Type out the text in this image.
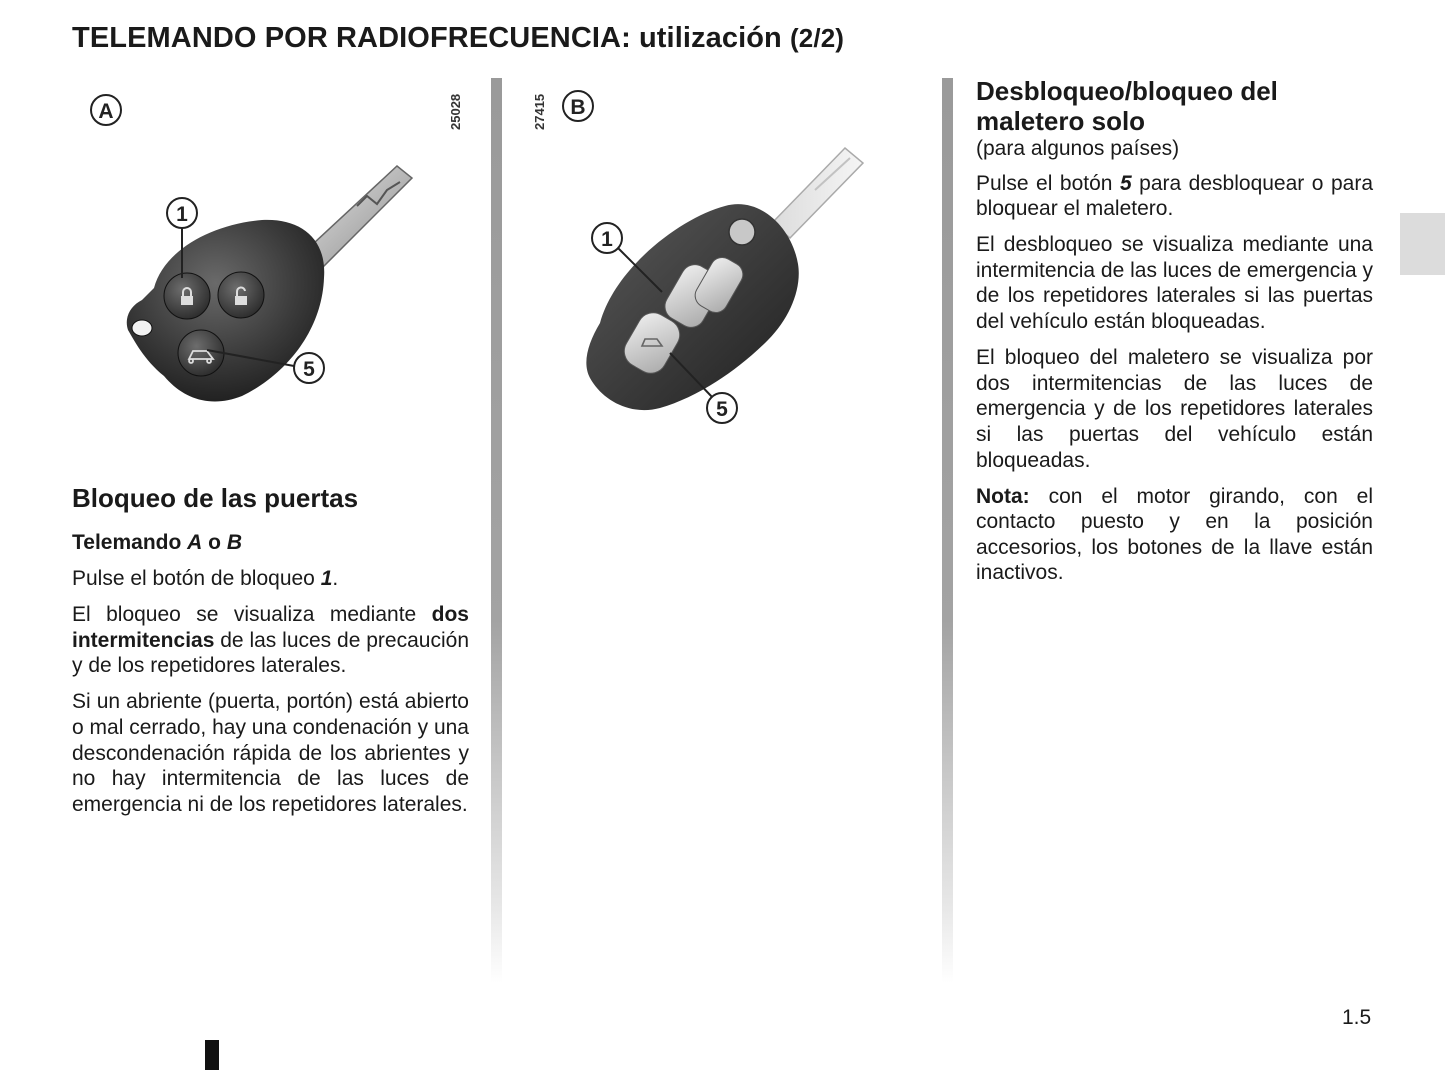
TELEMANDO POR RADIOFRECUENCIA: utilización (2/2)
A	25028
1
5
27415 B
1
5
Bloqueo de las puertas
Telemando A o B

Pulse el botón de bloqueo 1.

El bloqueo se visualiza mediante dos intermitencias de las luces de precaución y de los repetidores laterales.

Si un abriente (puerta, portón) está abierto o mal cerrado, hay una condenación y una descondenación rápida de los abrientes y no hay intermitencia de las luces de emergencia ni de los repetidores laterales.

Desbloqueo/bloqueo del maletero solo

(para algunos países)

Pulse el botón 5 para desbloquear o para bloquear el maletero.

El desbloqueo se visualiza mediante una intermitencia de las luces de emergencia y de los repetidores laterales si las puertas del vehículo están bloqueadas.

El bloqueo del maletero se visualiza por dos intermitencias de las luces de emergencia y de los repetidores laterales si las puertas del vehículo están bloqueadas.

Nota: con el motor girando, con el contacto puesto y en la posición accesorios, los botones de la llave están inactivos.

1.5
